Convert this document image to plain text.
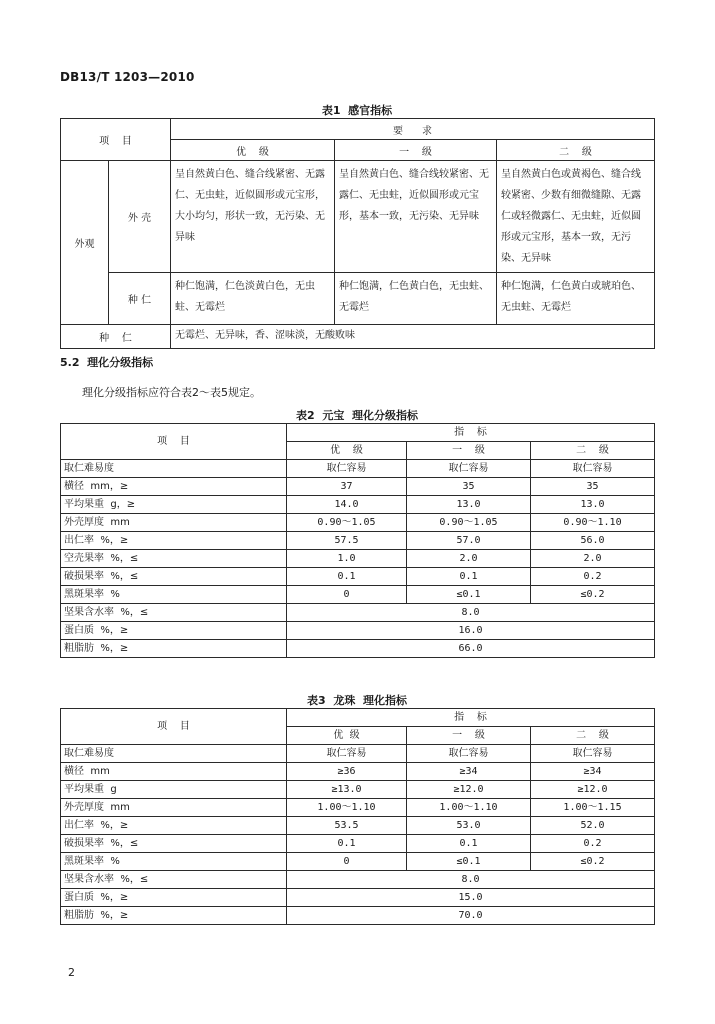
DB13/T 1203—2010
表1  感官指标
项    目		要      求		
		优    级	一    级	二    级
外观	外 壳	呈自然黄白色、缝合线紧密、无露仁、无虫蛀，近似圆形或元宝形，大小均匀，形状一致，无污染、无异味	呈自然黄白色、缝合线较紧密、无露仁、无虫蛀，近似圆形或元宝形，基本一致，无污染、无异味	呈自然黄白色或黄褐色、缝合线较紧密、少数有细微缝隙、无露仁或轻微露仁、无虫蛀，近似圆形或元宝形，基本一致，无污染、无异味
	种 仁	种仁饱满，仁色淡黄白色，无虫蛀、无霉烂	种仁饱满，仁色黄白色，无虫蛀、无霉烂	种仁饱满，仁色黄白或琥珀色、无虫蛀、无霉烂
种    仁		无霉烂、无异味，香、涩味淡，无酸败味		
5.2  理化分级指标
理化分级指标应符合表2～表5规定。
表2  元宝  理化分级指标
项    目	指    标		
	优    级	一    级	二    级
取仁难易度	取仁容易	取仁容易	取仁容易
横径  mm，≥	37	35	35
平均果重  g，≥	14.0	13.0	13.0
外壳厚度  mm	0.90～1.05	0.90～1.05	0.90～1.10
出仁率  %，≥	57.5	57.0	56.0
空壳果率  %，≤	1.0	2.0	2.0
破损果率  %，≤	0.1	0.1	0.2
黑斑果率  %	0	≤0.1	≤0.2
坚果含水率  %，≤	8.0		
蛋白质  %，≥	16.0		
粗脂肪  %，≥	66.0		
表3  龙珠  理化指标
项    目	指    标		
	优  级	一    级	二    级
取仁难易度	取仁容易	取仁容易	取仁容易
横径  mm	≥36	≥34	≥34
平均果重  g	≥13.0	≥12.0	≥12.0
外壳厚度  mm	1.00～1.10	1.00～1.10	1.00～1.15
出仁率  %，≥	53.5	53.0	52.0
破损果率  %，≤	0.1	0.1	0.2
黑斑果率  %	0	≤0.1	≤0.2
坚果含水率  %，≤	8.0		
蛋白质  %，≥	15.0		
粗脂肪  %，≥	70.0		
2
